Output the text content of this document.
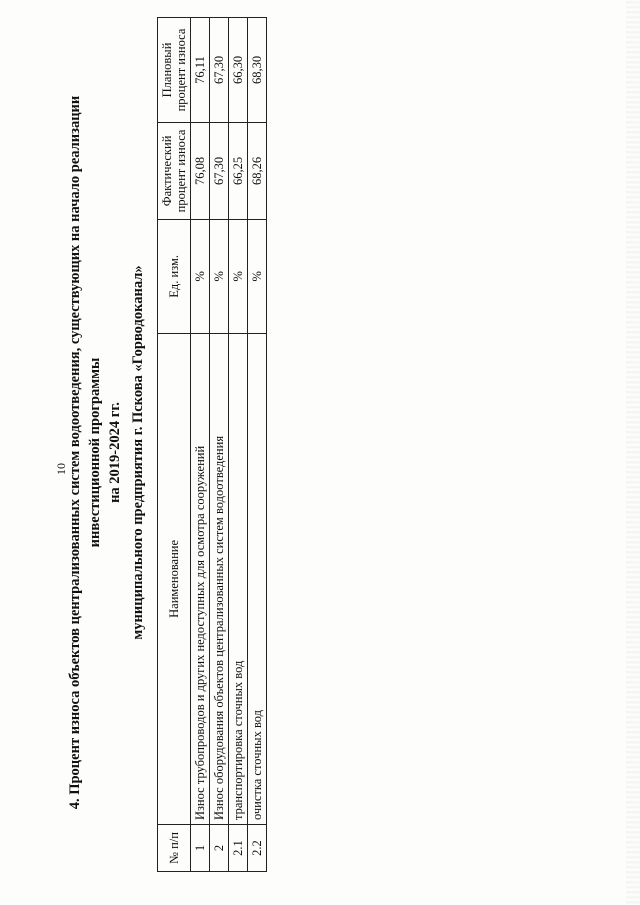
10 4. Процент износа объектов централизованных систем водоотведения, существующих на начало реализации инвестиционной программы на 2019-2024 гг. муниципального предприятия г. Пскова «Горводоканал»
№ п/п	Наименование	Ед. изм.	Фактический процент износа	Плановый процент износа
1	Износ трубопроводов и других недоступных для осмотра сооружений	%	76,08	76,11
2	Износ оборудования объектов централизованных систем водоотведения	%	67,30	67,30
2.1	транспортировка сточных вод	%	66,25	66,30
2.2	очистка сточных вод	%	68,26	68,30
